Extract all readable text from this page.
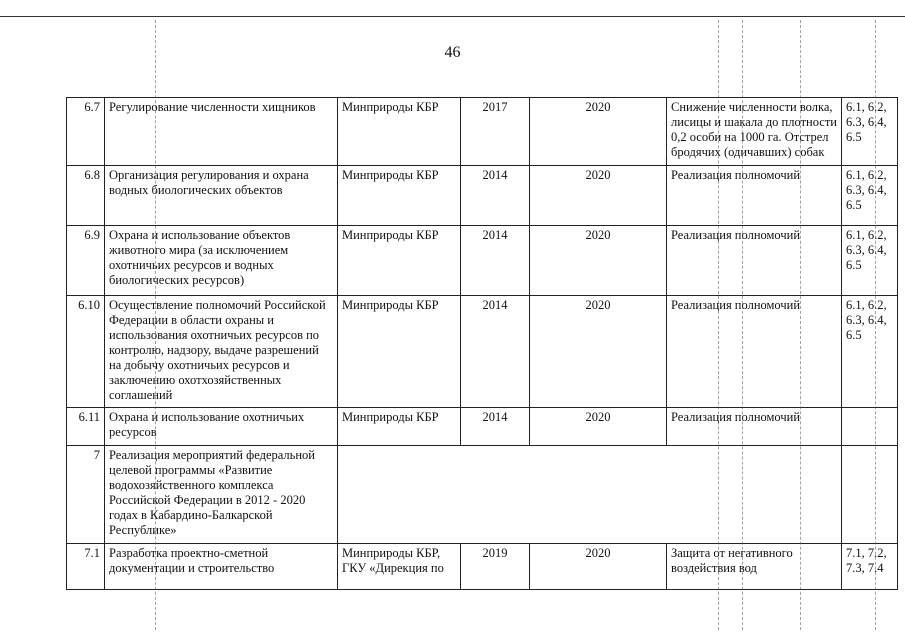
46
6.7	Регулирование численности хищников	Минприроды КБР	2017	2020	Снижение численности волка, лисицы и шакала до плотности 0,2 особи на 1000 га. Отстрел бродячих (одичавших) собак	6.1, 6.2, 6.3, 6.4, 6.5
6.8	Организация регулирования и охрана водных биологических объектов	Минприроды КБР	2014	2020	Реализация полномочий	6.1, 6.2, 6.3, 6.4, 6.5
6.9	Охрана и использование объектов животного мира (за исключением охотничьих ресурсов и водных биологических ресурсов)	Минприроды КБР	2014	2020	Реализация полномочий	6.1, 6.2, 6.3, 6.4, 6.5
6.10	Осуществление полномочий Российской Федерации в области охраны и использования охотничьих ресурсов по контролю, надзору, выдаче разрешений на добычу охотничьих ресурсов и заключению охотхозяйственных соглашений	Минприроды КБР	2014	2020	Реализация полномочий	6.1, 6.2, 6.3, 6.4, 6.5
6.11	Охрана и использование охотничьих ресурсов	Минприроды КБР	2014	2020	Реализация полномочий	
7	Реализация мероприятий федеральной целевой программы «Развитие водохозяйственного комплекса Российской Федерации в 2012 - 2020 годах в Кабардино-Балкарской Республике»					
7.1	Разработка проектно-сметной документации и строительство	Минприроды КБР, ГКУ «Дирекция по	2019	2020	Защита от негативного воздействия вод	7.1, 7.2, 7.3, 7.4
